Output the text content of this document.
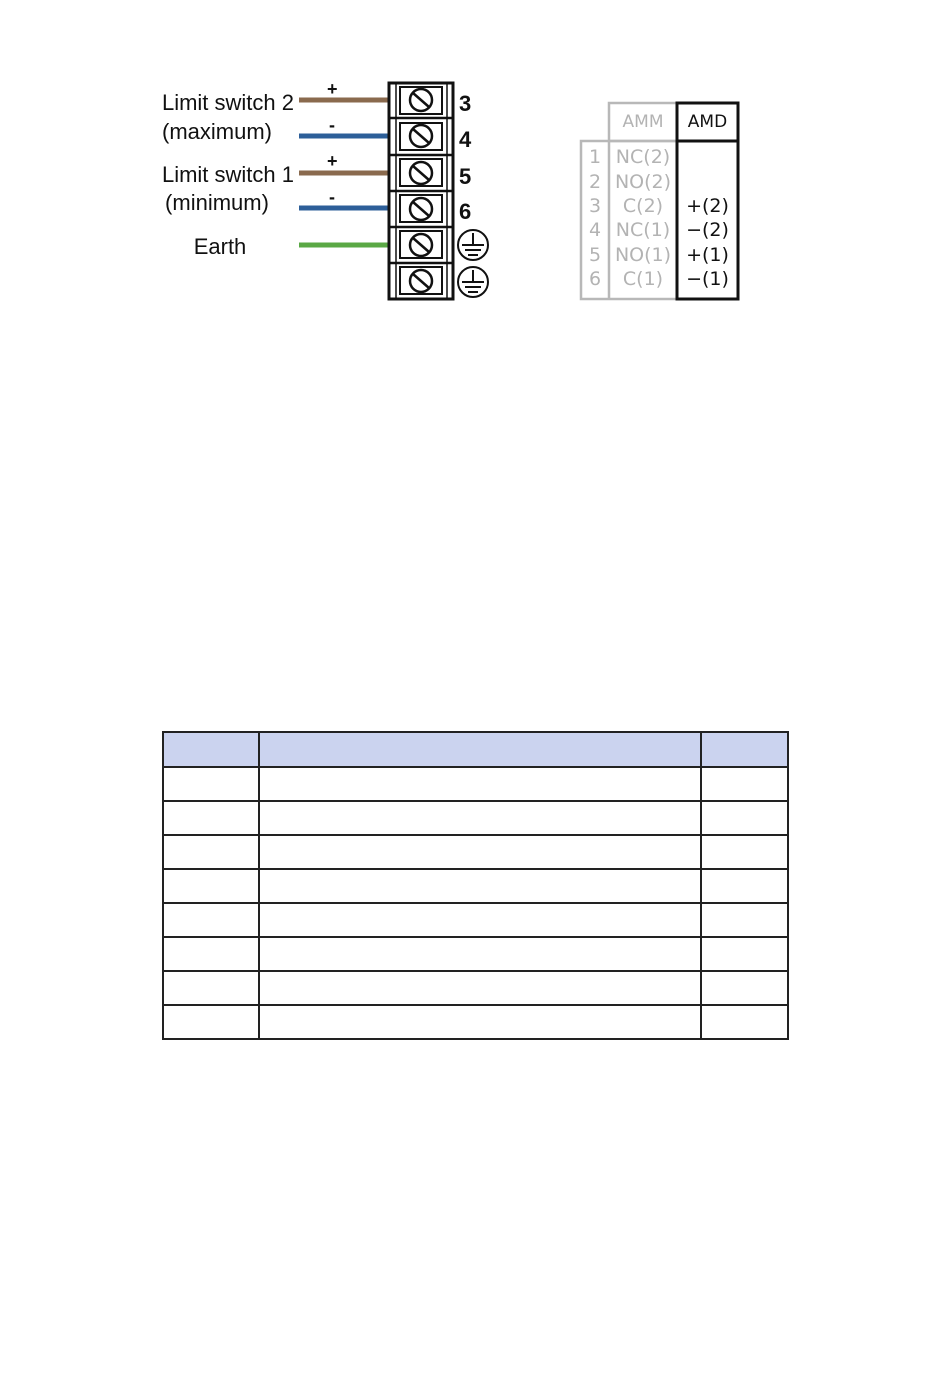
Limit switch 2
(maximum)
Limit switch 1
(minimum)
Earth
+
-
+
-
3
4
5
6
AMM	AMD
1 NC(2)
2 NO(2)
3	C(2)	+(2)
4 NC(1) −(2)
5 NO(1) +(1)
6	C(1)	−(1)
